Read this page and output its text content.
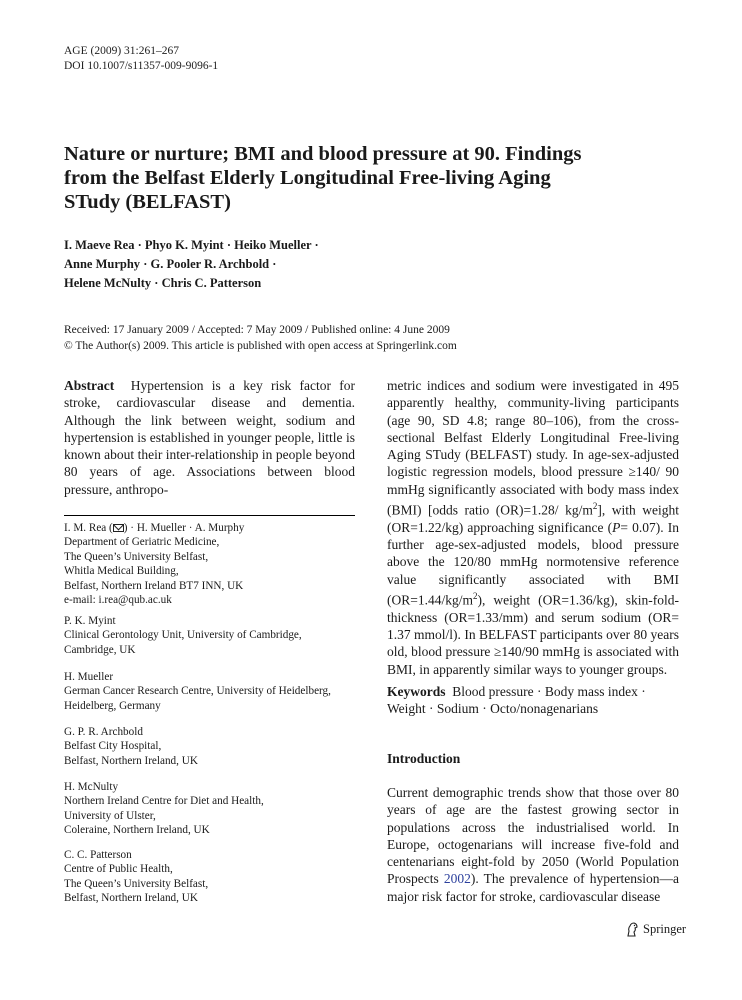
AGE (2009) 31:261–267
DOI 10.1007/s11357-009-9096-1
Nature or nurture; BMI and blood pressure at 90. Findings
from the Belfast Elderly Longitudinal Free-living Aging
STudy (BELFAST)
I. Maeve Rea · Phyo K. Myint · Heiko Mueller ·
Anne Murphy · G. Pooler R. Archbold ·
Helene McNulty · Chris C. Patterson
Received: 17 January 2009 / Accepted: 7 May 2009 / Published online: 4 June 2009
© The Author(s) 2009. This article is published with open access at Springerlink.com
Abstract Hypertension is a key risk factor for stroke, cardiovascular disease and dementia. Although the link between weight, sodium and hypertension is established in younger people, little is known about their inter-relationship in people beyond 80 years of age. Associations between blood pressure, anthropo-
I. M. Rea ( ) · H. Mueller · A. Murphy
Department of Geriatric Medicine,
The Queen’s University Belfast,
Whitla Medical Building,
Belfast, Northern Ireland BT7 INN, UK
e-mail: i.rea@qub.ac.uk
P. K. Myint
Clinical Gerontology Unit, University of Cambridge,
Cambridge, UK
H. Mueller
German Cancer Research Centre, University of Heidelberg,
Heidelberg, Germany
G. P. R. Archbold
Belfast City Hospital,
Belfast, Northern Ireland, UK
H. McNulty
Northern Ireland Centre for Diet and Health,
University of Ulster,
Coleraine, Northern Ireland, UK
C. C. Patterson
Centre of Public Health,
The Queen’s University Belfast,
Belfast, Northern Ireland, UK
metric indices and sodium were investigated in 495 apparently healthy, community-living participants (age 90, SD 4.8; range 80–106), from the cross-sectional Belfast Elderly Longitudinal Free-living Aging STudy (BELFAST) study. In age-sex-adjusted logistic regression models, blood pressure ≥140/ 90 mmHg significantly associated with body mass index (BMI) [odds ratio (OR)=1.28/ $kg/m^2$], with weight (OR=1.22/kg) approaching significance (P= 0.07). In further age-sex-adjusted models, blood pressure above the 120/80 mmHg normotensive reference value significantly associated with BMI $(OR=1.44/kg/m^2)$, weight (OR=1.36/kg), skin-fold-thickness (OR=1.33/mm) and serum sodium (OR= 1.37 mmol/l). In BELFAST participants over 80 years old, blood pressure ≥140/90 mmHg is associated with BMI, in apparently similar ways to younger groups.
Keywords Blood pressure · Body mass index ·
Weight · Sodium · Octo/nonagenarians
Introduction
Current demographic trends show that those over 80 years of age are the fastest growing sector in populations across the industrialised world. In Europe, octogenarians will increase five-fold and centenarians eight-fold by 2050 (World Population Prospects 2002). The prevalence of hypertension—a major risk factor for stroke, cardiovascular disease
Springer
